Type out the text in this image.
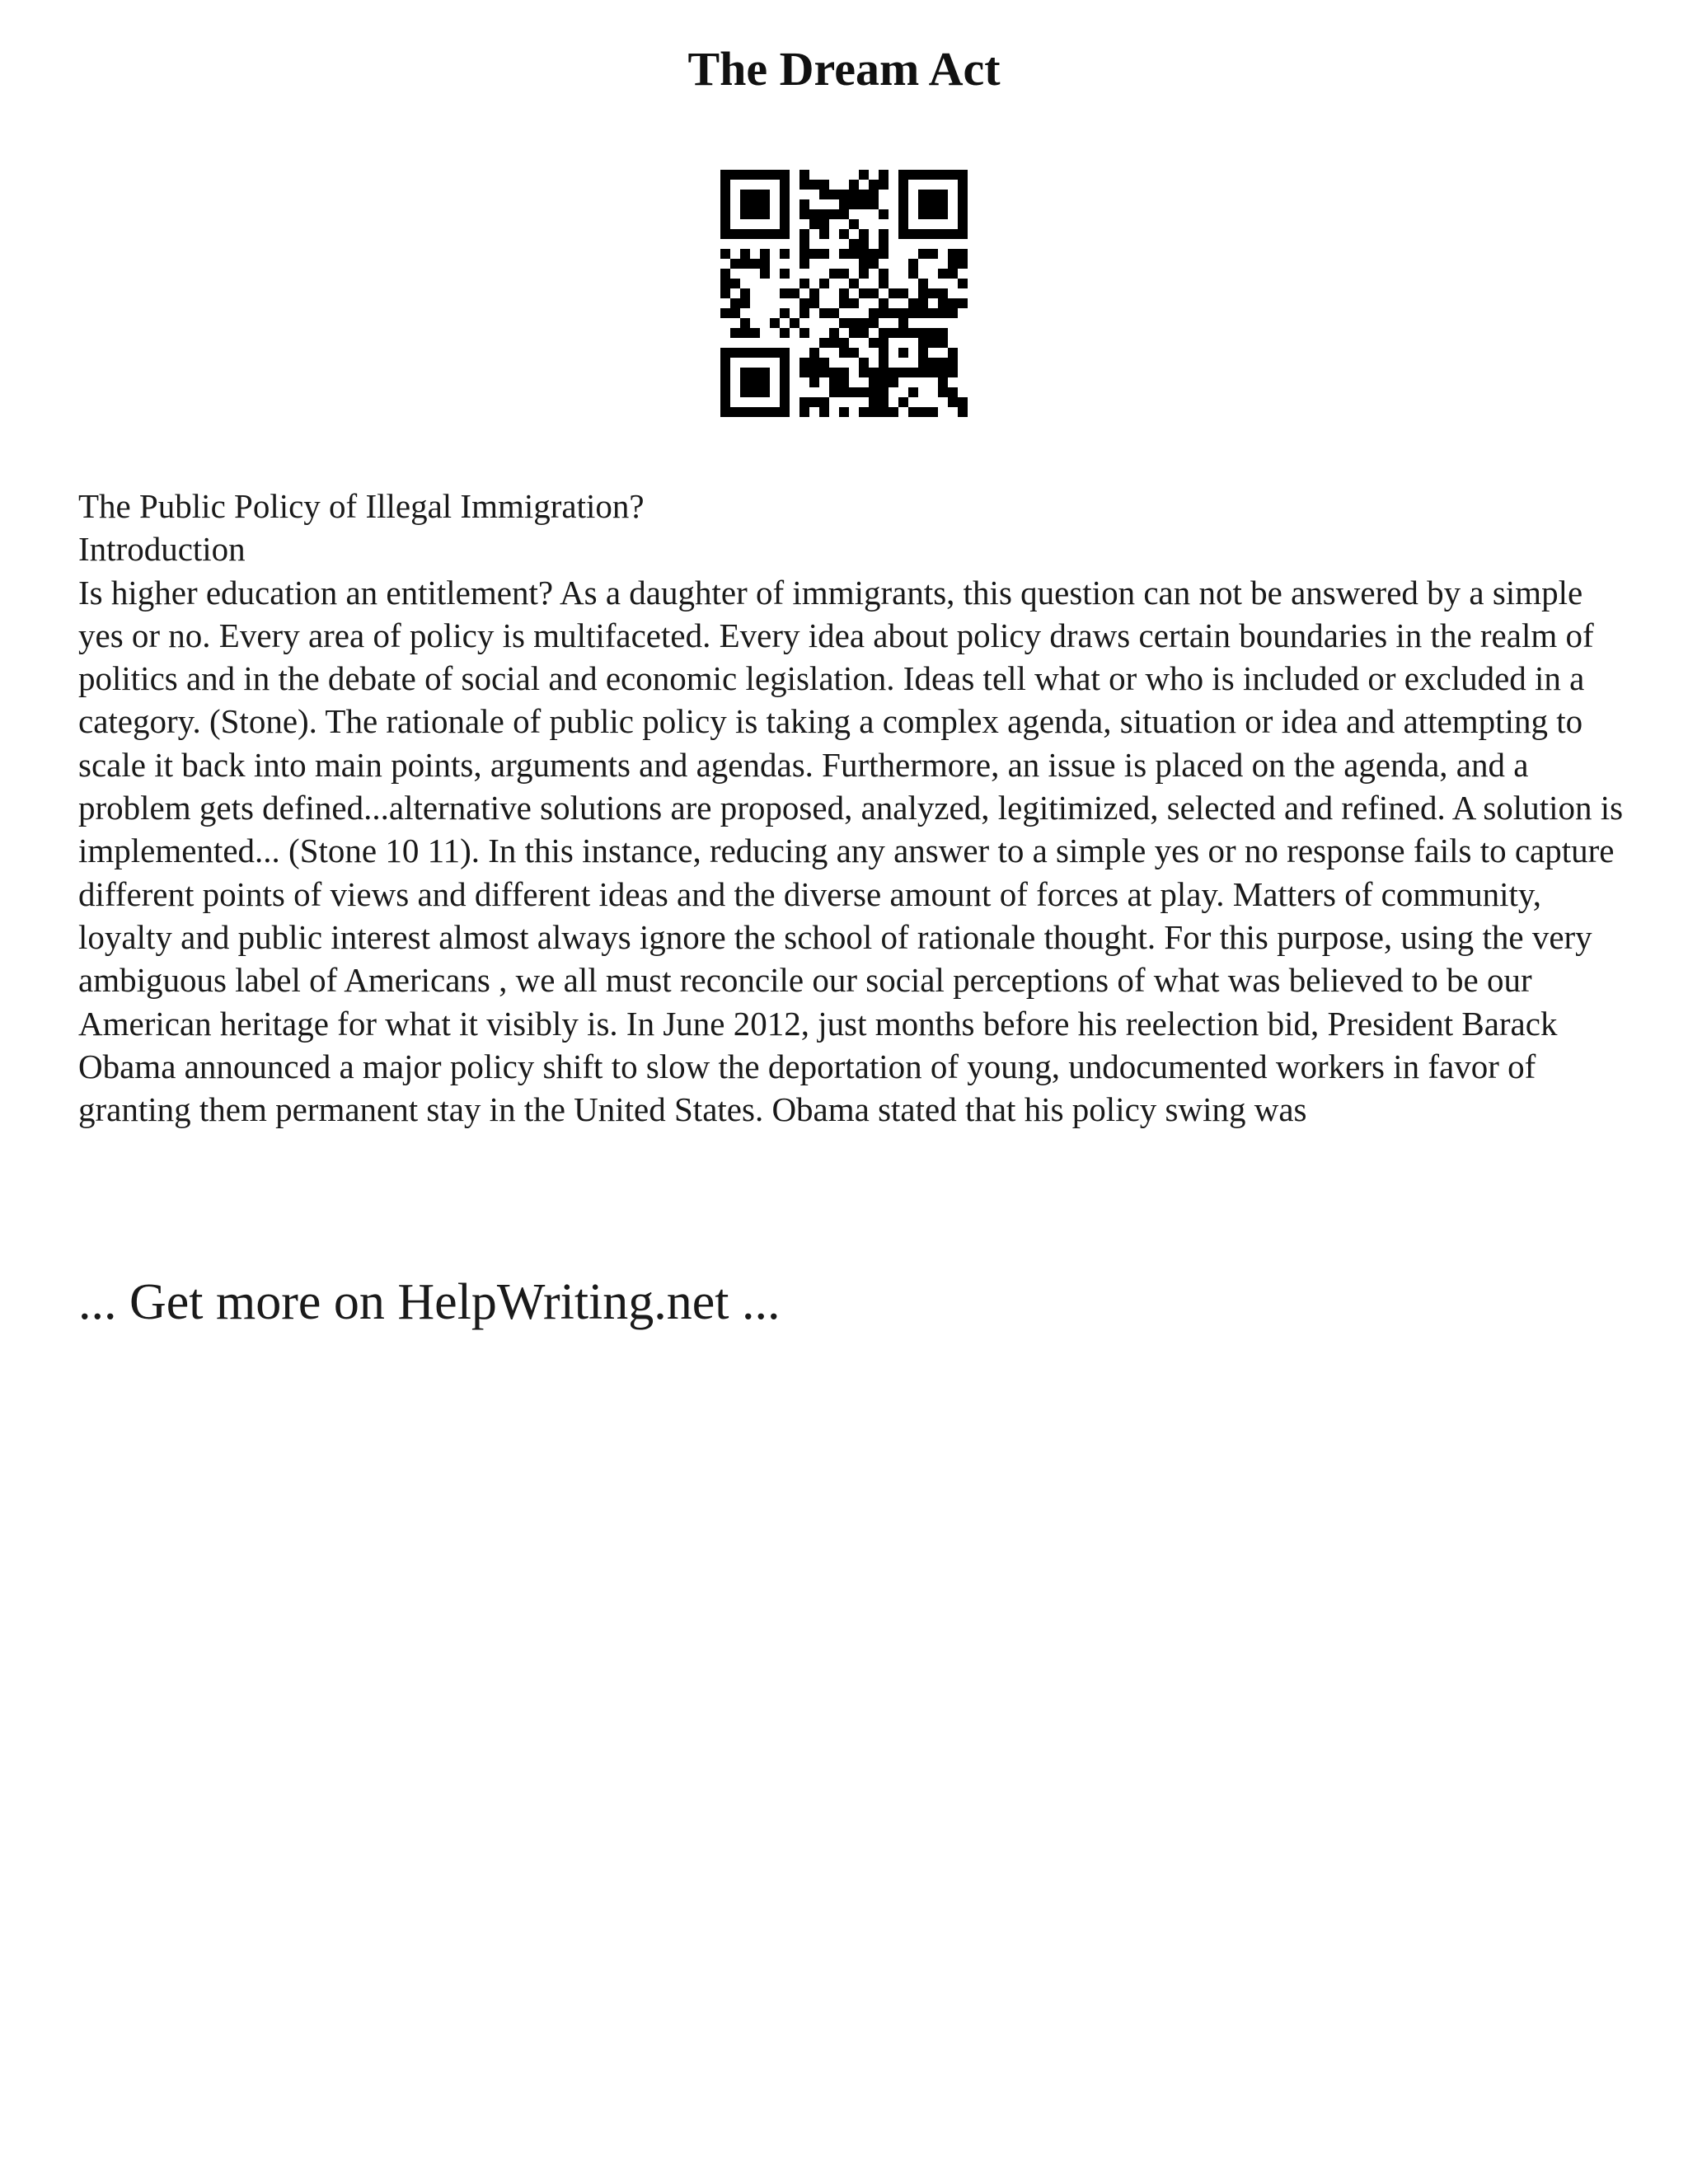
The Dream Act

The Public Policy of Illegal Immigration?

Introduction

Is higher education an entitlement? As a daughter of immigrants, this question can not be answered by a simple yes or no. Every area of policy is multifaceted. Every idea about policy draws certain boundaries in the realm of politics and in the debate of social and economic legislation. Ideas tell what or who is included or excluded in a category. (Stone). The rationale of public policy is taking a complex agenda, situation or idea and attempting to scale it back into main points, arguments and agendas. Furthermore, an issue is placed on the agenda, and a problem gets defined...alternative solutions are proposed, analyzed, legitimized, selected and refined. A solution is implemented... (Stone 10 11). In this instance, reducing any answer to a simple yes or no response fails to capture different points of views and different ideas and the diverse amount of forces at play. Matters of community, loyalty and public interest almost always ignore the school of rationale thought. For this purpose, using the very ambiguous label of Americans , we all must reconcile our social perceptions of what was believed to be our American heritage for what it visibly is. In June 2012, just months before his reelection bid, President Barack Obama announced a major policy shift to slow the deportation of young, undocumented workers in favor of granting them permanent stay in the United States. Obama stated that his policy swing was

... Get more on HelpWriting.net ...
